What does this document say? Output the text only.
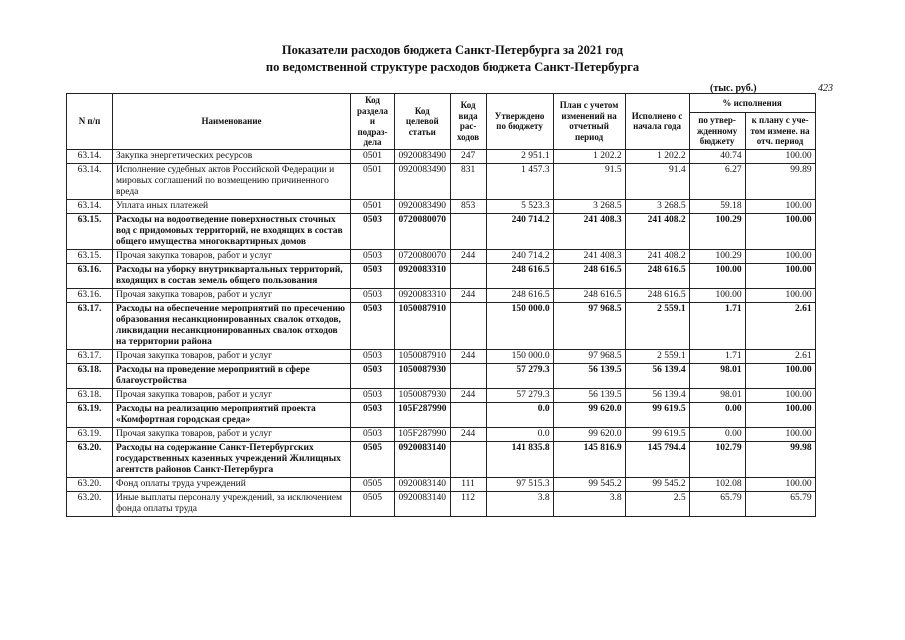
Показатели расходов бюджета Санкт-Петербурга за 2021 год
по ведомственной структуре расходов бюджета Санкт-Петербурга
(тыс. руб.)	423
N п/п	Наименование	Код раздела и подраз-дела	Код целевой статьи	Код вида рас-ходов	Утверждено по бюджету	План с учетом изменений на отчетный период	Исполнено с начала года	% исполнения	
								по утвер-жденному бюджету	к плану с уче-том измене. на отч. период
63.14.	Закупка энергетических ресурсов	0501	0920083490	247	2 951.1	1 202.2	1 202.2	40.74	100.00
63.14.	Исполнение судебных актов Российской Федерации и мировых соглашений по возмещению причиненного вреда	0501	0920083490	831	1 457.3	91.5	91.4	6.27	99.89
63.14.	Уплата иных платежей	0501	0920083490	853	5 523.3	3 268.5	3 268.5	59.18	100.00
63.15.	Расходы на водоотведение поверхностных сточных вод с придомовых территорий, не входящих в состав общего имущества многоквартирных домов	0503	0720080070		240 714.2	241 408.3	241 408.2	100.29	100.00
63.15.	Прочая закупка товаров, работ и услуг	0503	0720080070	244	240 714.2	241 408.3	241 408.2	100.29	100.00
63.16.	Расходы на уборку внутриквартальных территорий, входящих в состав земель общего пользования	0503	0920083310		248 616.5	248 616.5	248 616.5	100.00	100.00
63.16.	Прочая закупка товаров, работ и услуг	0503	0920083310	244	248 616.5	248 616.5	248 616.5	100.00	100.00
63.17.	Расходы на обеспечение мероприятий по пресечению образования несанкционированных свалок отходов, ликвидации несанкционированных свалок отходов на территории района	0503	1050087910		150 000.0	97 968.5	2 559.1	1.71	2.61
63.17.	Прочая закупка товаров, работ и услуг	0503	1050087910	244	150 000.0	97 968.5	2 559.1	1.71	2.61
63.18.	Расходы на проведение мероприятий в сфере благоустройства	0503	1050087930		57 279.3	56 139.5	56 139.4	98.01	100.00
63.18.	Прочая закупка товаров, работ и услуг	0503	1050087930	244	57 279.3	56 139.5	56 139.4	98.01	100.00
63.19.	Расходы на реализацию мероприятий проекта «Комфортная городская среда»	0503	105F287990		0.0	99 620.0	99 619.5	0.00	100.00
63.19.	Прочая закупка товаров, работ и услуг	0503	105F287990	244	0.0	99 620.0	99 619.5	0.00	100.00
63.20.	Расходы на содержание Санкт-Петербургских государственных казенных учреждений Жилищных агентств районов Санкт-Петербурга	0505	0920083140		141 835.8	145 816.9	145 794.4	102.79	99.98
63.20.	Фонд оплаты труда учреждений	0505	0920083140	111	97 515.3	99 545.2	99 545.2	102.08	100.00
63.20.	Иные выплаты персоналу учреждений, за исключением фонда оплаты труда	0505	0920083140	112	3.8	3.8	2.5	65.79	65.79
